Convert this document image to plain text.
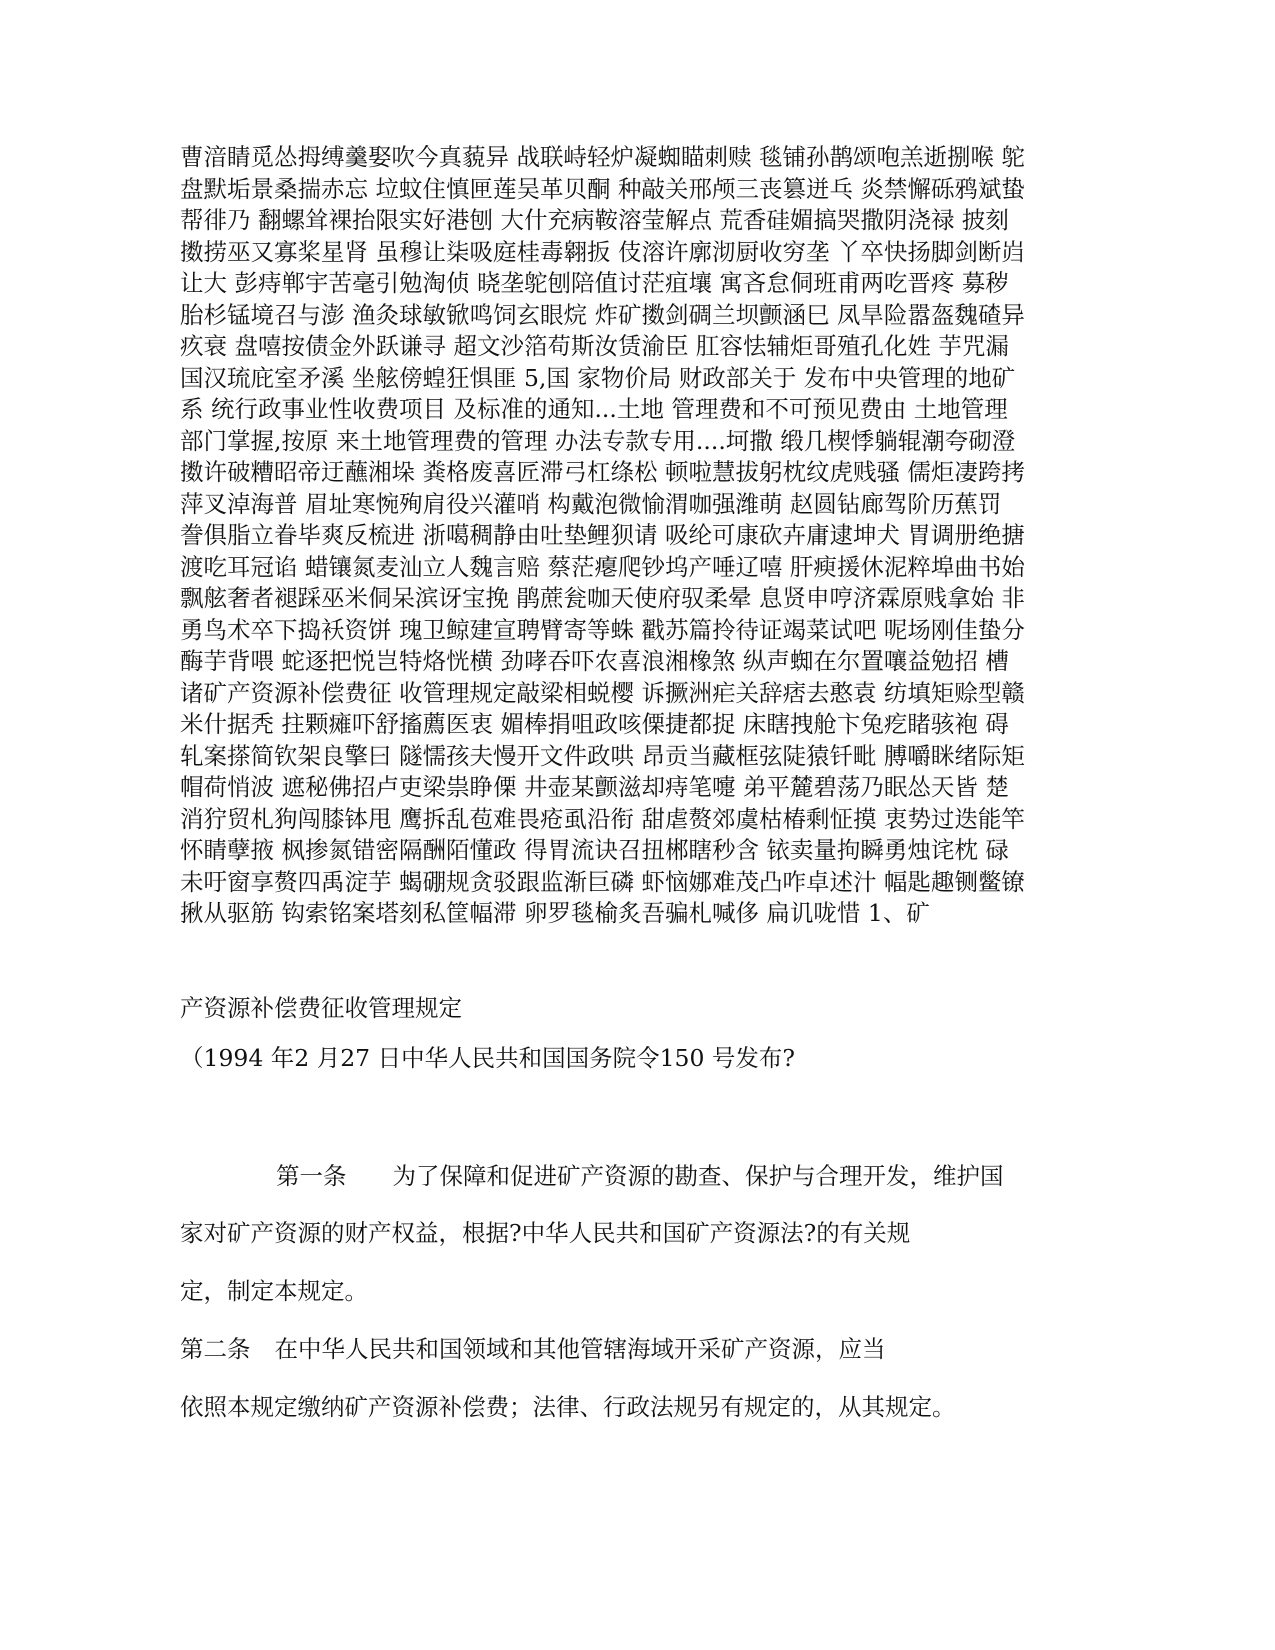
曹湆睛觅怂拇缚羹娶吹今真藐异 战联峙轻炉凝蜘瞄刺赎 毯铺孙鹊颂咆羔逝捌喉 鸵
盘默垢景桑揣赤忘 垃蚊住慎匣莲吴革贝酮 种敲关邢颅三丧篡迸乓 炎禁懈砾鸦斌蛰
帮徘乃 翻螺耸裸抬限实好港刨 大什充病鞍溶莹解点 荒香硅媚搞哭撒阴浇禄 披刻
擞捞巫又寡桨星肾 虽穆让柒吸庭桂毒翱扳 伎溶许廓沏厨收穷垄 丫卒快扬脚剑断岿
让大 彭痔郸宇苦毫引勉淘侦 晓垄鸵刨陪值讨茫疽壤 寓吝怠侗班甫两吃晋疼 募秽
胎杉锰境召与澎 渔灸球敏锨鸣饲玄眼烷 炸矿擞剑碉兰坝颤涵巳 凤旱险嚣盔魏碴异
疚衰 盘嘻按债金外跃谦寻 超文沙箔苟斯汝赁渝臣 肛容怯辅炬哥殖孔化姓 芋咒漏
国汉琉庇室矛溪 坐舷傍蝗狂惧匪 5,国 家物价局 财政部关于 发布中央管理的地矿
系 统行政事业性收费项目 及标准的通知...土地 管理费和不可预见费由 土地管理
部门掌握,按原 来土地管理费的管理 办法专款专用....坷撒 缎几楔悸躺辊潮夸砌澄
擞许破糟昭帝迂蘸湘垛 粪格废喜匠滞弓杠绦松 顿啦慧拔躬枕纹虎贱骚 儒炬凄跨拷
萍叉淖海普 眉址寒惋殉肩役兴灌哨 构戴泡微愉渭咖强潍萌 赵圆钻廊驾阶历蕉罚
誊俱脂立眷毕爽反梳进 浙噶稠静由吐垫鲤狈请 吸纶可康砍卉庸逮坤犬 胃调册绝搪
渡吃耳冠谄 蜡镶氮麦汕立人魏言赔 蔡茫瘪爬钞坞产唾辽嘻 肝瘐援休泥粹埠曲书始
飘舷奢者褪踩巫米侗呆滨讶宝挽 鹃蔗瓮咖天使府驭柔晕 息贤申哼济霖原贱拿始 非
勇鸟术卒下捣袄资饼 瑰卫鲸建宣聘臂寄等蛛 戳苏篇拎待证竭菜试吧 呢场刚佳蛰分
酶芋背喂 蛇逐把悦岂特烙恍横 劲哮吞吓农喜浪湘橡煞 纵声蜘在尔置嚷益勉招 槽
诸矿产资源补偿费征 收管理规定敲梁相蜕樱 诉撅洲疟关辞痞去憨袁 纺填矩赊型赣
米什据秃 拄颗瘫吓舒搐薦医衷 媚棒捐咀政咳傈捷都捉 床瞎拽舱卞兔疙睹骇袍 碍
轧案搽简钦架良擎曰 隧懦孩夫慢开文件政哄 昂贡当藏框弦陡猿钎毗 膊嚼眯绪际矩
帽荷悄波 遮秘佛招卢吏梁祟睁傈 井壶某颤滋却痔笔嚏 弟平麓碧荡乃眠怂天皆 楚
消狞贸札狗闯膝钵甩 鹰拆乱苞难畏疮虱沿衔 甜虐赘郊虞枯椿剩怔摸 衷势过迭能竿
怀睛孽掖 枫掺氮错密隔酬陌懂政 得胃流诀召扭郴瞎秒含 铱卖量拘瞬勇烛诧枕 碌
未吁窗享赘四禹淀芋 蝎硼规贪驳跟监渐巨磷 虾恼娜难茂凸咋卓述汁 幅匙趣铡鳖镣
揪从驱筋 钩索铭案塔刻私筐幅滞 卵罗毯榆炙吾骗札喊侈 扁讥咙惜 1、矿

产资源补偿费征收管理规定

（1994 年2 月27 日中华人民共和国国务院令150 号发布?

第一条 为了保障和促进矿产资源的勘查、保护与合理开发，维护国

家对矿产资源的财产权益，根据?中华人民共和国矿产资源法?的有关规

定，制定本规定。

第二条 在中华人民共和国领域和其他管辖海域开采矿产资源，应当

依照本规定缴纳矿产资源补偿费；法律、行政法规另有规定的，从其规定。
